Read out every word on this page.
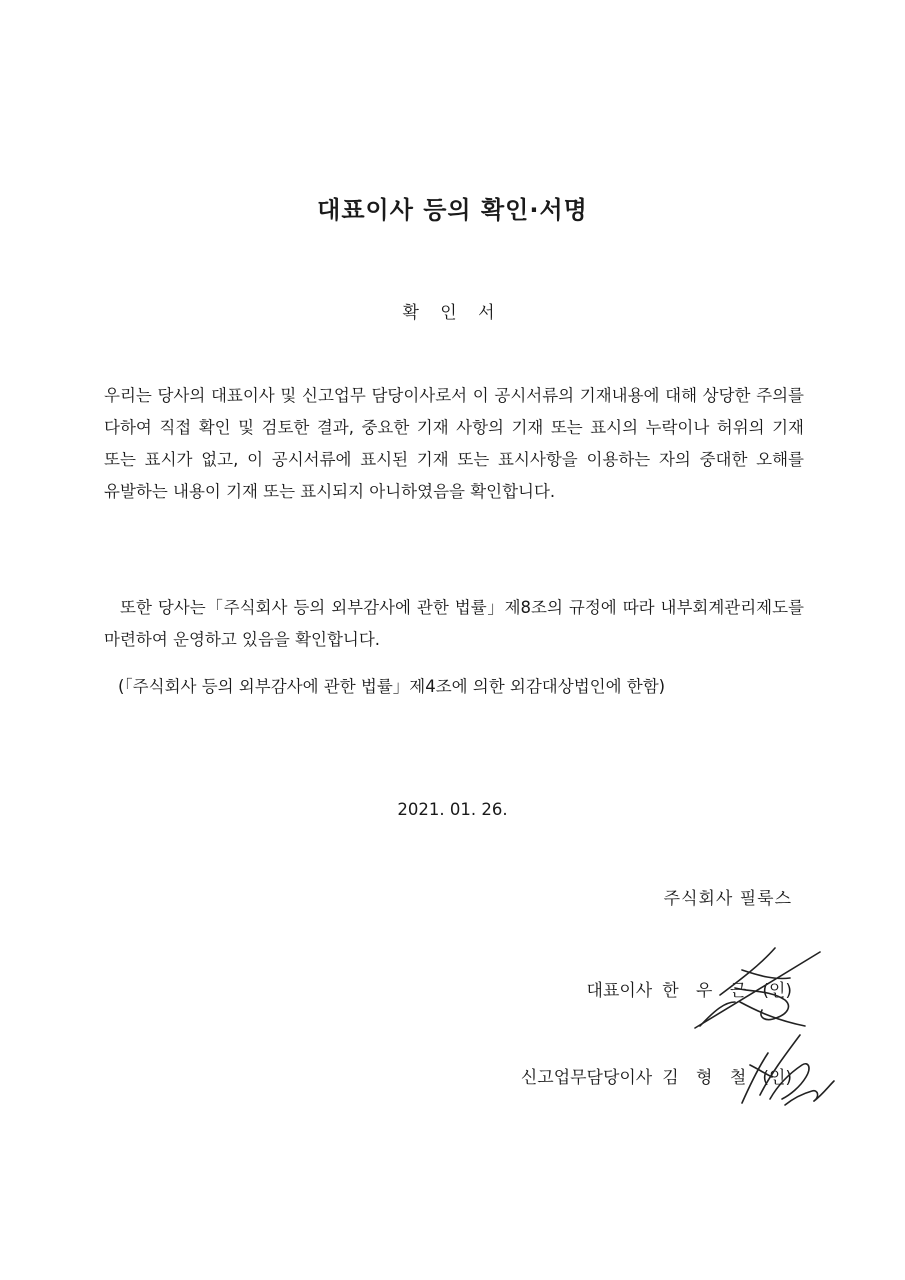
대표이사 등의 확인·서명
확 인 서
우리는 당사의 대표이사 및 신고업무 담당이사로서 이 공시서류의 기재내용에 대해 상당한 주의를 다하여 직접 확인 및 검토한 결과, 중요한 기재 사항의 기재 또는 표시의 누락이나 허위의 기재 또는 표시가 없고, 이 공시서류에 표시된 기재 또는 표시사항을 이용하는 자의 중대한 오해를 유발하는 내용이 기재 또는 표시되지 아니하였음을 확인합니다.
또한 당사는「주식회사 등의 외부감사에 관한 법률」제8조의 규정에 따라 내부회계관리제도를 마련하여 운영하고 있음을 확인합니다.
(「주식회사 등의 외부감사에 관한 법률」제4조에 의한 외감대상법인에 한함)
2021. 01. 26.
주식회사 필룩스
대표이사 한 우 근 (인)
신고업무담당이사 김 형 철 (인)
